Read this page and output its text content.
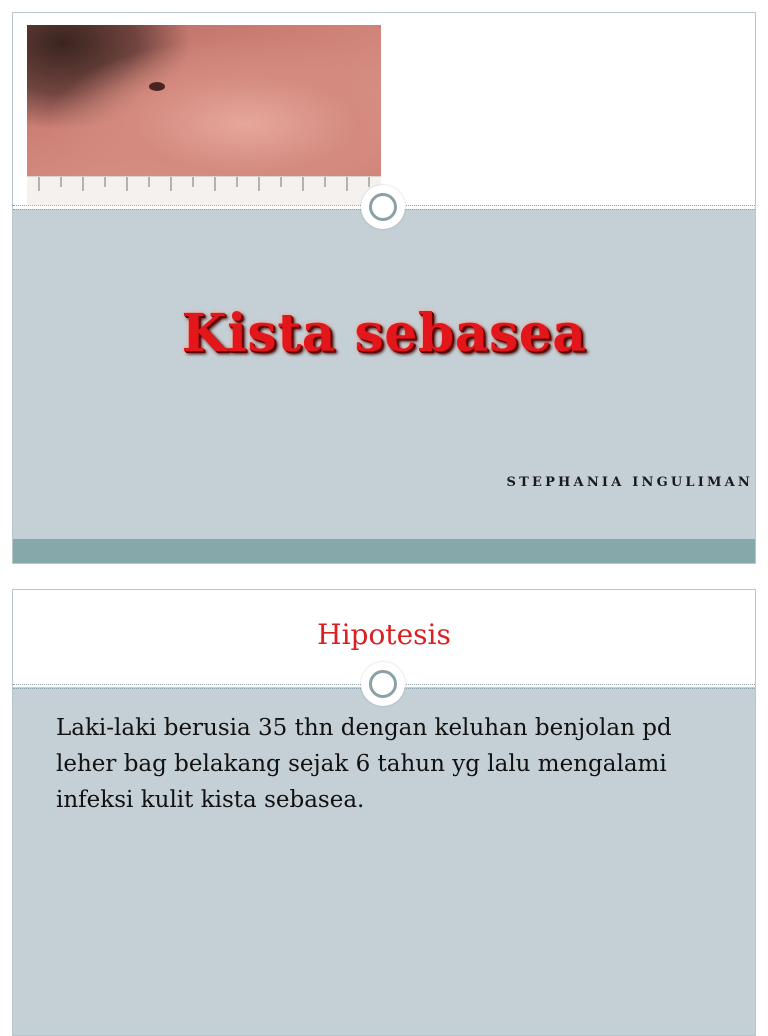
Kista sebasea
STEPHANIA INGULIMAN
Hipotesis
Laki-laki berusia 35 thn dengan keluhan benjolan pd leher bag belakang sejak 6 tahun yg lalu mengalami infeksi kulit kista sebasea.
